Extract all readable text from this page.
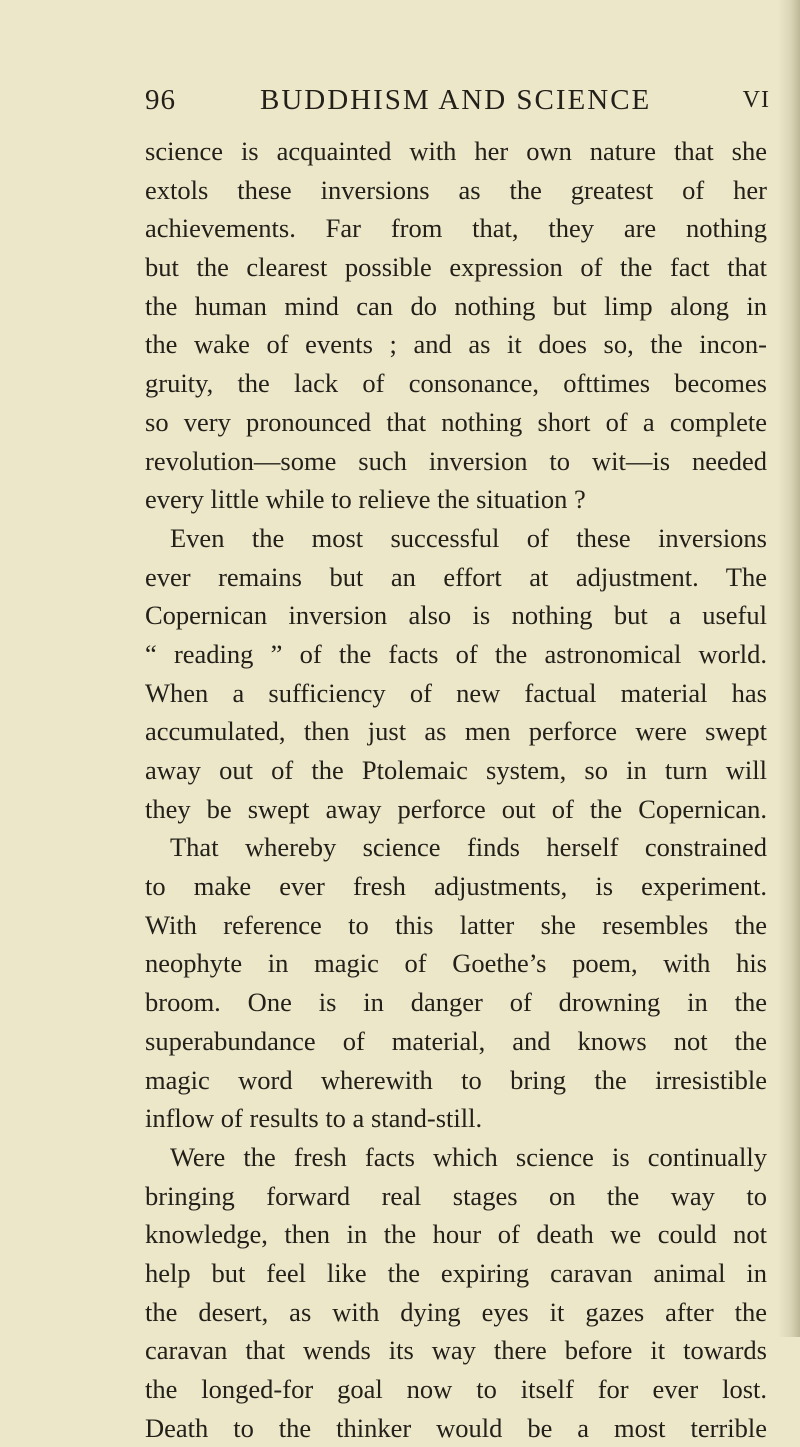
96	BUDDHISM AND SCIENCE	VI
science is acquainted with her own nature that she
extols these inversions as the greatest of her
achievements. Far from that, they are nothing
but the clearest possible expression of the fact that
the human mind can do nothing but limp along in
the wake of events ; and as it does so, the incon-
gruity, the lack of consonance, ofttimes becomes
so very pronounced that nothing short of a complete
revolution—some such inversion to wit—is needed
every little while to relieve the situation ?
Even the most successful of these inversions
ever remains but an effort at adjustment. The
Copernican inversion also is nothing but a useful
“ reading ” of the facts of the astronomical world.
When a sufficiency of new factual material has
accumulated, then just as men perforce were swept
away out of the Ptolemaic system, so in turn will
they be swept away perforce out of the Copernican.
That whereby science finds herself constrained
to make ever fresh adjustments, is experiment.
With reference to this latter she resembles the
neophyte in magic of Goethe’s poem, with his
broom. One is in danger of drowning in the
superabundance of material, and knows not the
magic word wherewith to bring the irresistible
inflow of results to a stand-still.
Were the fresh facts which science is continually
bringing forward real stages on the way to
knowledge, then in the hour of death we could not
help but feel like the expiring caravan animal in
the desert, as with dying eyes it gazes after the
caravan that wends its way there before it towards
the longed-for goal now to itself for ever lost.
Death to the thinker would be a most terrible
